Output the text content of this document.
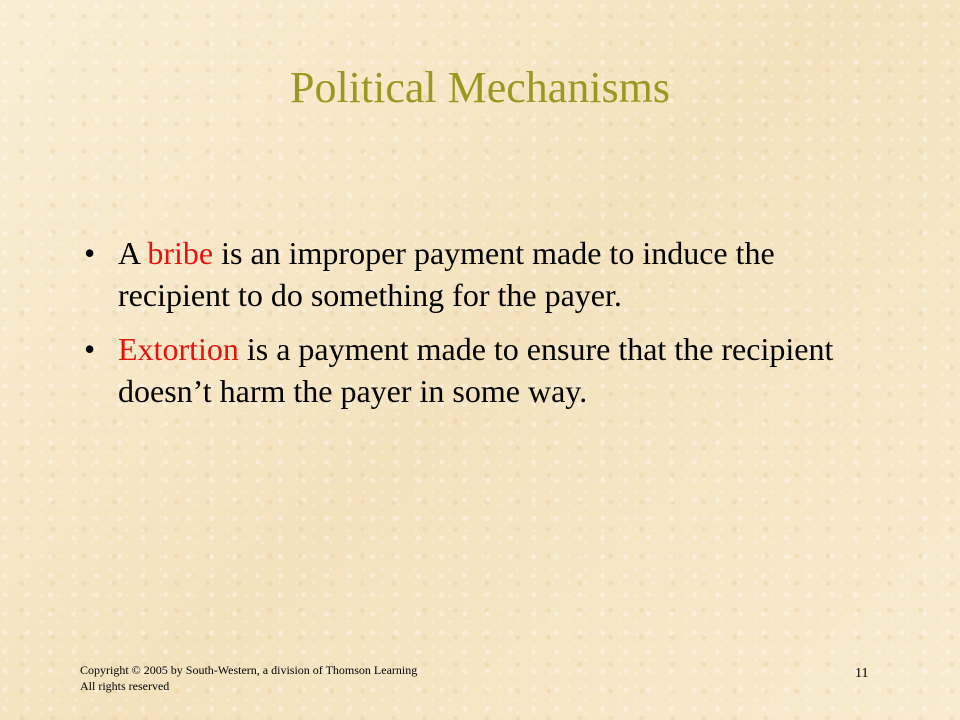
Political Mechanisms
• A bribe is an improper payment made to induce the recipient to do something for the payer.
• Extortion is a payment made to ensure that the recipient doesn’t harm the payer in some way.
Copyright © 2005 by South-Western, a division of Thomson Learning
All rights reserved
11
